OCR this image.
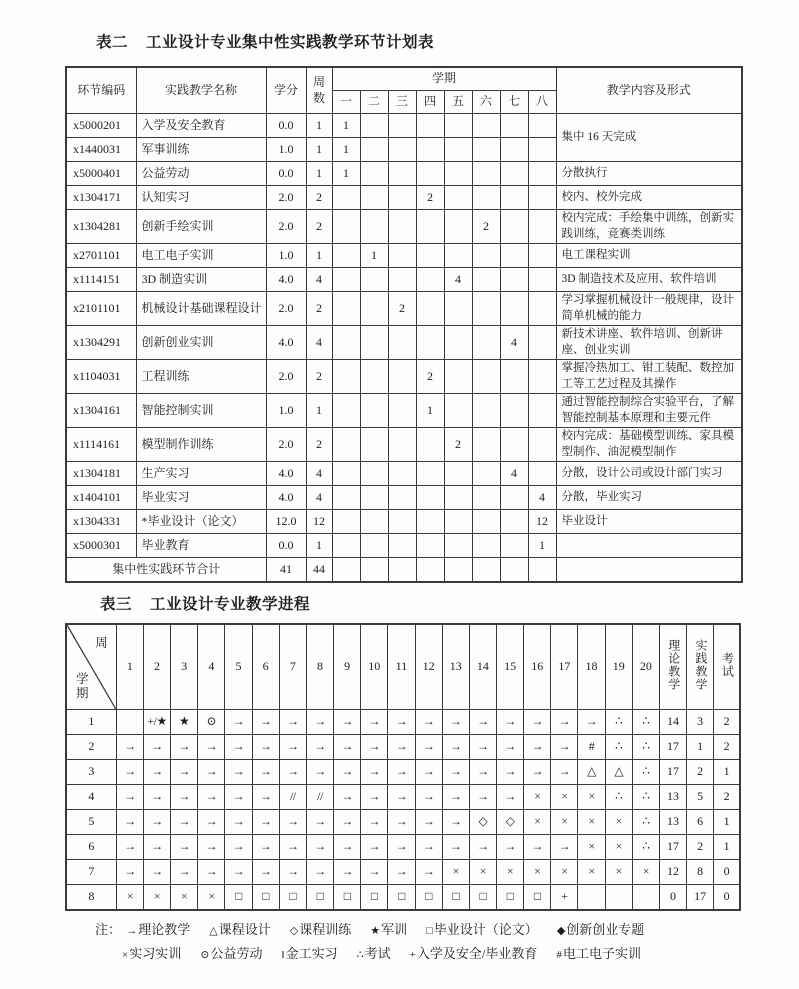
表二 工业设计专业集中性实践教学环节计划表
环节编码	实践教学名称	学分	周数	学期								教学内容及形式
				一	二	三	四	五	六	七	八	
x5000201	入学及安全教育	0.0	1	1								集中 16 天完成
x1440031	军事训练	1.0	1	1								
x5000401	公益劳动	0.0	1	1								分散执行
x1304171	认知实习	2.0	2				2					校内、校外完成
x1304281	创新手绘实训	2.0	2						2			校内完成：手绘集中训练，创新实践训练，竞赛类训练
x2701101	电工电子实训	1.0	1		1							电工课程实训
x1114151	3D 制造实训	4.0	4					4				3D 制造技术及应用、软件培训
x2101101	机械设计基础课程设计	2.0	2			2						学习掌握机械设计一般规律，设计简单机械的能力
x1304291	创新创业实训	4.0	4							4		新技术讲座、软件培训、创新讲座、创业实训
x1104031	工程训练	2.0	2				2					掌握冷热加工、钳工装配、数控加工等工艺过程及其操作
x1304161	智能控制实训	1.0	1				1					通过智能控制综合实验平台，了解智能控制基本原理和主要元件
x1114161	模型制作训练	2.0	2					2				校内完成：基础模型训练、家具模型制作、油泥模型制作
x1304181	生产实习	4.0	4							4		分散，设计公司或设计部门实习
x1404101	毕业实习	4.0	4								4	分散，毕业实习
x1304331	*毕业设计（论文）	12.0	12								12	毕业设计
x5000301	毕业教育	0.0	1								1	
集中性实践环节合计		41	44									
表三 工业设计专业教学进程
周
学期	1	2	3	4	5	6	7	8	9	10	11	12	13	14	15	16	17	18	19	20	理论教学	实践教学	考试
1		+/★	★	⊙	→	→	→	→	→	→	→	→	→	→	→	→	→	→	∴	∴	14	3	2
2	→	→	→	→	→	→	→	→	→	→	→	→	→	→	→	→	→	#	∴	∴	17	1	2
3	→	→	→	→	→	→	→	→	→	→	→	→	→	→	→	→	→	△	△	∴	17	2	1
4	→	→	→	→	→	→	//	//	→	→	→	→	→	→	→	×	×	×	∴	∴	13	5	2
5	→	→	→	→	→	→	→	→	→	→	→	→	→	◇	◇	×	×	×	×	∴	13	6	1
6	→	→	→	→	→	→	→	→	→	→	→	→	→	→	→	→	→	×	×	∴	17	2	1
7	→	→	→	→	→	→	→	→	→	→	→	→	×	×	×	×	×	×	×	×	12	8	0
8	×	×	×	×	□	□	□	□	□	□	□	□	□	□	□	□	+				0	17	0
注： →理论教学 △课程设计 ◇课程训练 ★军训 □毕业设计（论文） ◆创新创业专题
×实习实训 ⊙公益劳动 ‖金工实习 ∴考试 +入学及安全/毕业教育 #电工电子实训
